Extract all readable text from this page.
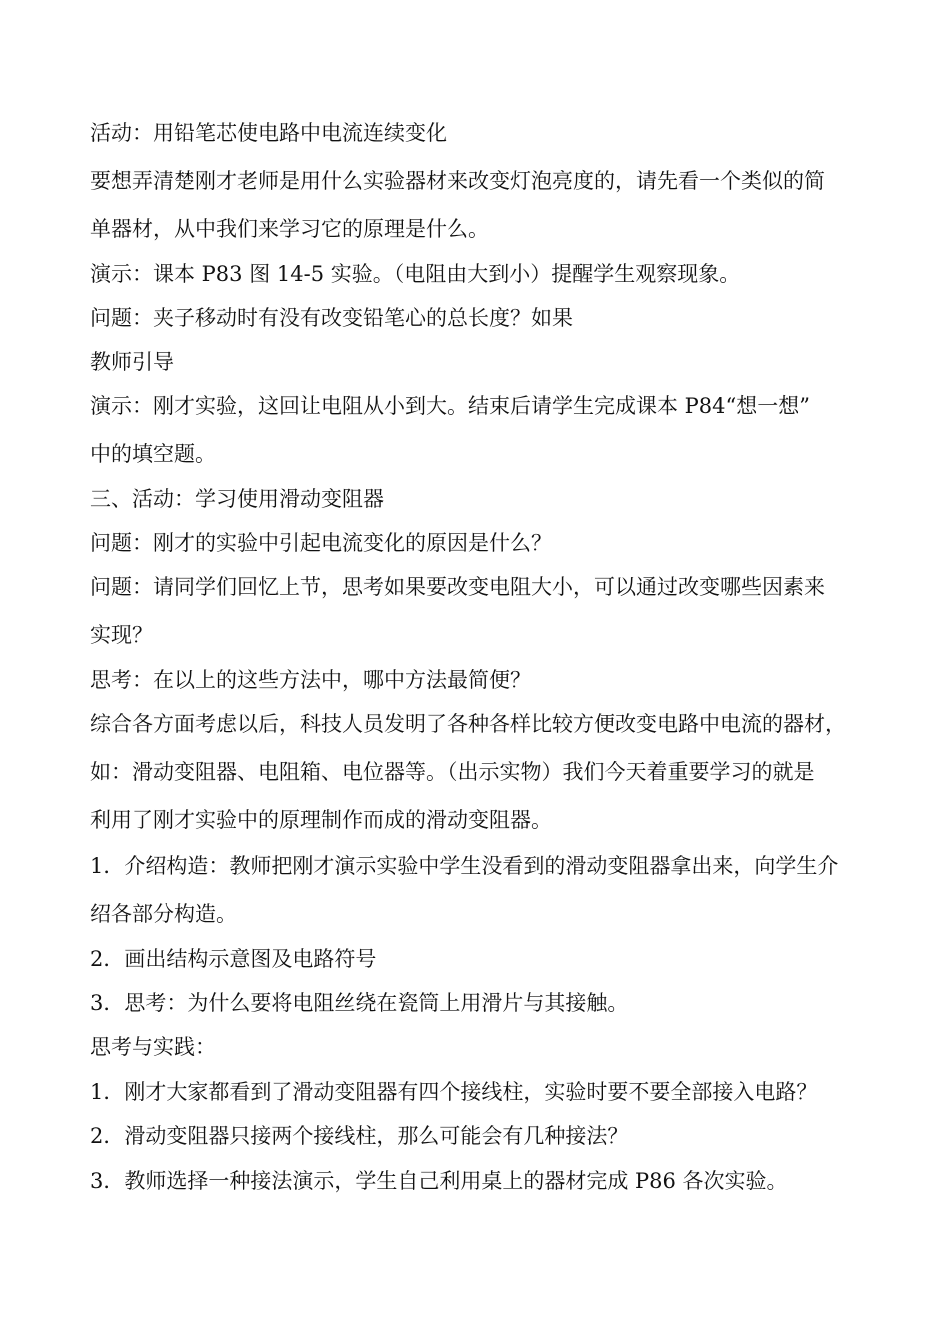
活动：用铅笔芯使电路中电流连续变化
要想弄清楚刚才老师是用什么实验器材来改变灯泡亮度的，请先看一个类似的简
单器材，从中我们来学习它的原理是什么。
演示：课本 P83 图 14-5 实验。（电阻由大到小）提醒学生观察现象。
问题：夹子移动时有没有改变铅笔心的总长度？如果
教师引导
演示：刚才实验，这回让电阻从小到大。结束后请学生完成课本 P84“想一想”
中的填空题。
三、活动：学习使用滑动变阻器
问题：刚才的实验中引起电流变化的原因是什么？
问题：请同学们回忆上节，思考如果要改变电阻大小，可以通过改变哪些因素来
实现？
思考：在以上的这些方法中，哪中方法最简便？
综合各方面考虑以后，科技人员发明了各种各样比较方便改变电路中电流的器材，
如：滑动变阻器、电阻箱、电位器等。（出示实物）我们今天着重要学习的就是
利用了刚才实验中的原理制作而成的滑动变阻器。
1．介绍构造：教师把刚才演示实验中学生没看到的滑动变阻器拿出来，向学生介
绍各部分构造。
2．画出结构示意图及电路符号
3．思考：为什么要将电阻丝绕在瓷筒上用滑片与其接触。
思考与实践：
1．刚才大家都看到了滑动变阻器有四个接线柱，实验时要不要全部接入电路？
2．滑动变阻器只接两个接线柱，那么可能会有几种接法？
3．教师选择一种接法演示，学生自己利用桌上的器材完成 P86 各次实验。
